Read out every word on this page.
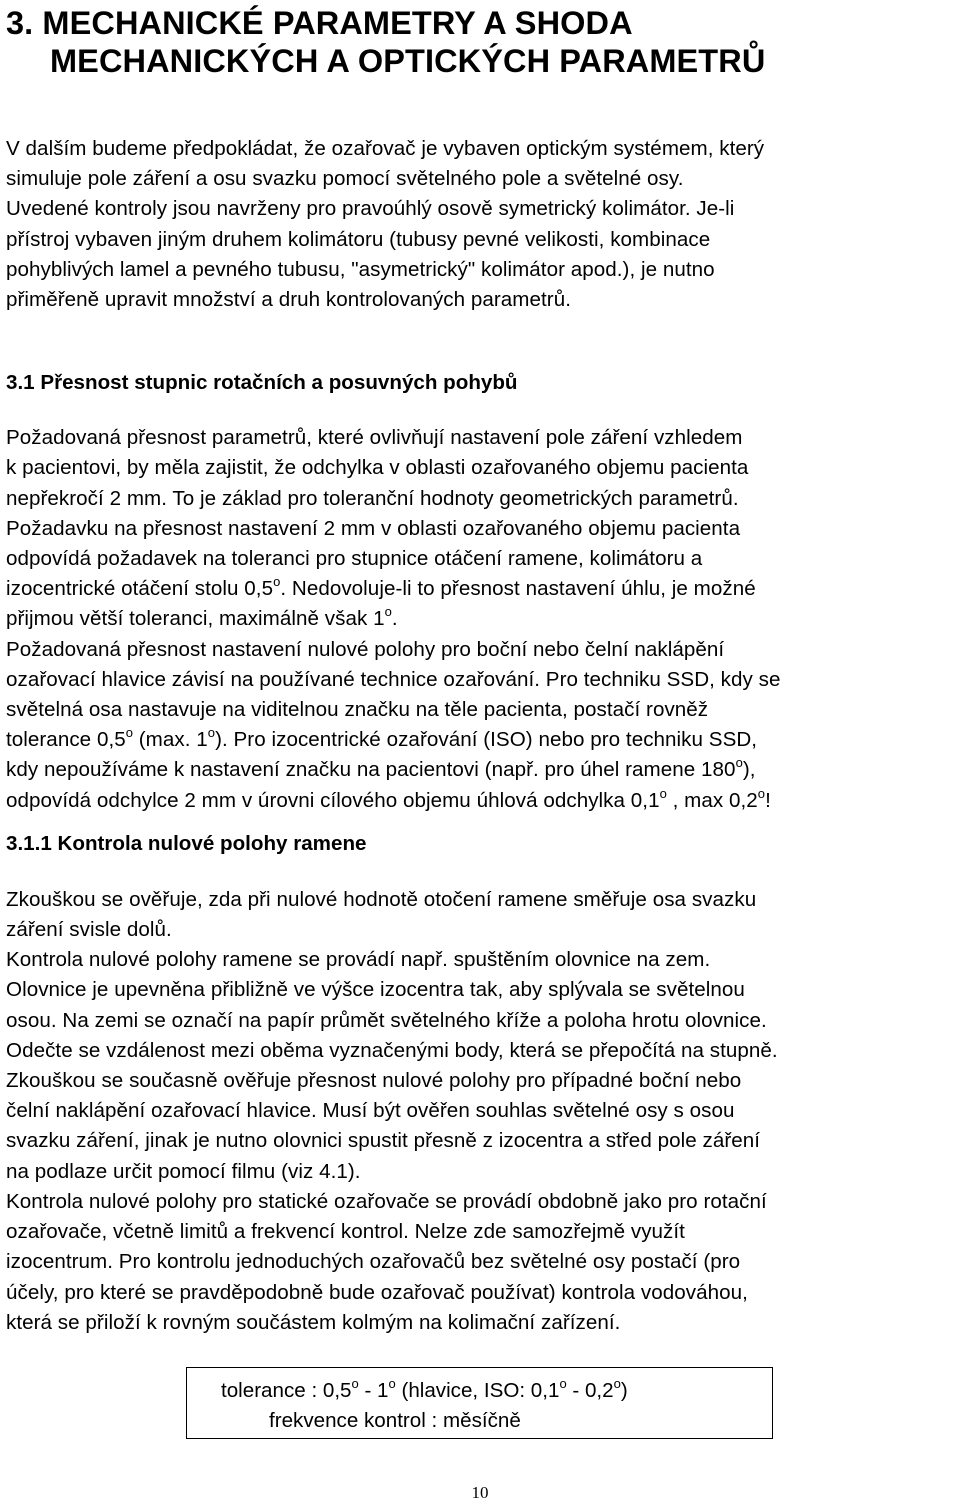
3. MECHANICKÉ PARAMETRY A SHODA
MECHANICKÝCH A OPTICKÝCH PARAMETRŮ
V dalším budeme předpokládat, že ozařovač je vybaven optickým systémem, který
simuluje pole záření a osu svazku pomocí světelného pole a světelné osy.
Uvedené kontroly jsou navrženy pro pravoúhlý osově symetrický kolimátor. Je-li
přístroj vybaven jiným druhem kolimátoru (tubusy pevné velikosti, kombinace
pohyblivých lamel a pevného tubusu, "asymetrický" kolimátor apod.), je nutno
přiměřeně upravit množství a druh kontrolovaných parametrů.
3.1 Přesnost stupnic rotačních a posuvných pohybů
Požadovaná přesnost parametrů, které ovlivňují nastavení pole záření vzhledem
k pacientovi, by měla zajistit, že odchylka v oblasti ozařovaného objemu pacienta
nepřekročí 2 mm. To je základ pro toleranční hodnoty geometrických parametrů.
Požadavku na přesnost nastavení 2 mm v oblasti ozařovaného objemu pacienta
odpovídá požadavek na toleranci pro stupnice otáčení ramene, kolimátoru a
izocentrické otáčení stolu 0,5$^o$. Nedovoluje-li to přesnost nastavení úhlu, je možné
přijmou větší toleranci, maximálně však 1$^o$.
Požadovaná přesnost nastavení nulové polohy pro boční nebo čelní naklápění
ozařovací hlavice závisí na používané technice ozařování. Pro techniku SSD, kdy se
světelná osa nastavuje na viditelnou značku na těle pacienta, postačí rovněž
tolerance 0,5$^o$ (max. 1$^o$). Pro izocentrické ozařování (ISO) nebo pro techniku SSD,
kdy nepoužíváme k nastavení značku na pacientovi (např. pro úhel ramene 180$^o$),
odpovídá odchylce 2 mm v úrovni cílového objemu úhlová odchylka 0,1$^o$ , max 0,2$^o$!
3.1.1 Kontrola nulové polohy ramene
Zkouškou se ověřuje, zda při nulové hodnotě otočení ramene směřuje osa svazku
záření svisle dolů.
Kontrola nulové polohy ramene se provádí např. spuštěním olovnice na zem.
Olovnice je upevněna přibližně ve výšce izocentra tak, aby splývala se světelnou
osou. Na zemi se označí na papír průmět světelného kříže a poloha hrotu olovnice.
Odečte se vzdálenost mezi oběma vyznačenými body, která se přepočítá na stupně.
Zkouškou se současně ověřuje přesnost nulové polohy pro případné boční nebo
čelní naklápění ozařovací hlavice. Musí být ověřen souhlas světelné osy s osou
svazku záření, jinak je nutno olovnici spustit přesně z izocentra a střed pole záření
na podlaze určit pomocí filmu (viz 4.1).
Kontrola nulové polohy pro statické ozařovače se provádí obdobně jako pro rotační
ozařovače, včetně limitů a frekvencí kontrol. Nelze zde samozřejmě využít
izocentrum. Pro kontrolu jednoduchých ozařovačů bez světelné osy postačí (pro
účely, pro které se pravděpodobně bude ozařovač používat) kontrola vodováhou,
která se přiloží k rovným součástem kolmým na kolimační zařízení.
tolerance : 0,5$^o$ - 1$^o$ (hlavice, ISO: 0,1$^o$ - 0,2$^o$)
frekvence kontrol : měsíčně
10
